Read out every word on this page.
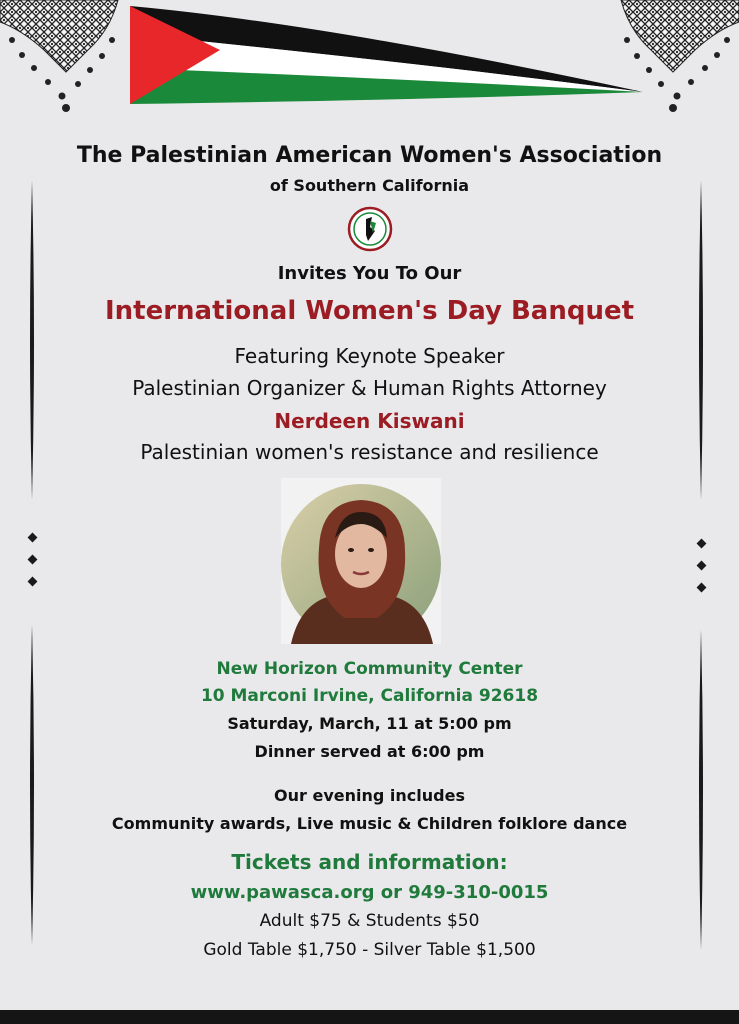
The Palestinian American Women's Association
of Southern California
Invites You To Our
International Women's Day Banquet
Featuring Keynote Speaker
Palestinian Organizer & Human Rights Attorney
Nerdeen Kiswani
Palestinian women's resistance and resilience
New Horizon Community Center
10 Marconi Irvine, California 92618
Saturday, March, 11 at 5:00 pm
Dinner served at 6:00 pm
Our evening includes
Community awards, Live music & Children folklore dance
Tickets and information:
www.pawasca.org or 949-310-0015
Adult $75 & Students $50
Gold Table $1,750 - Silver Table $1,500
